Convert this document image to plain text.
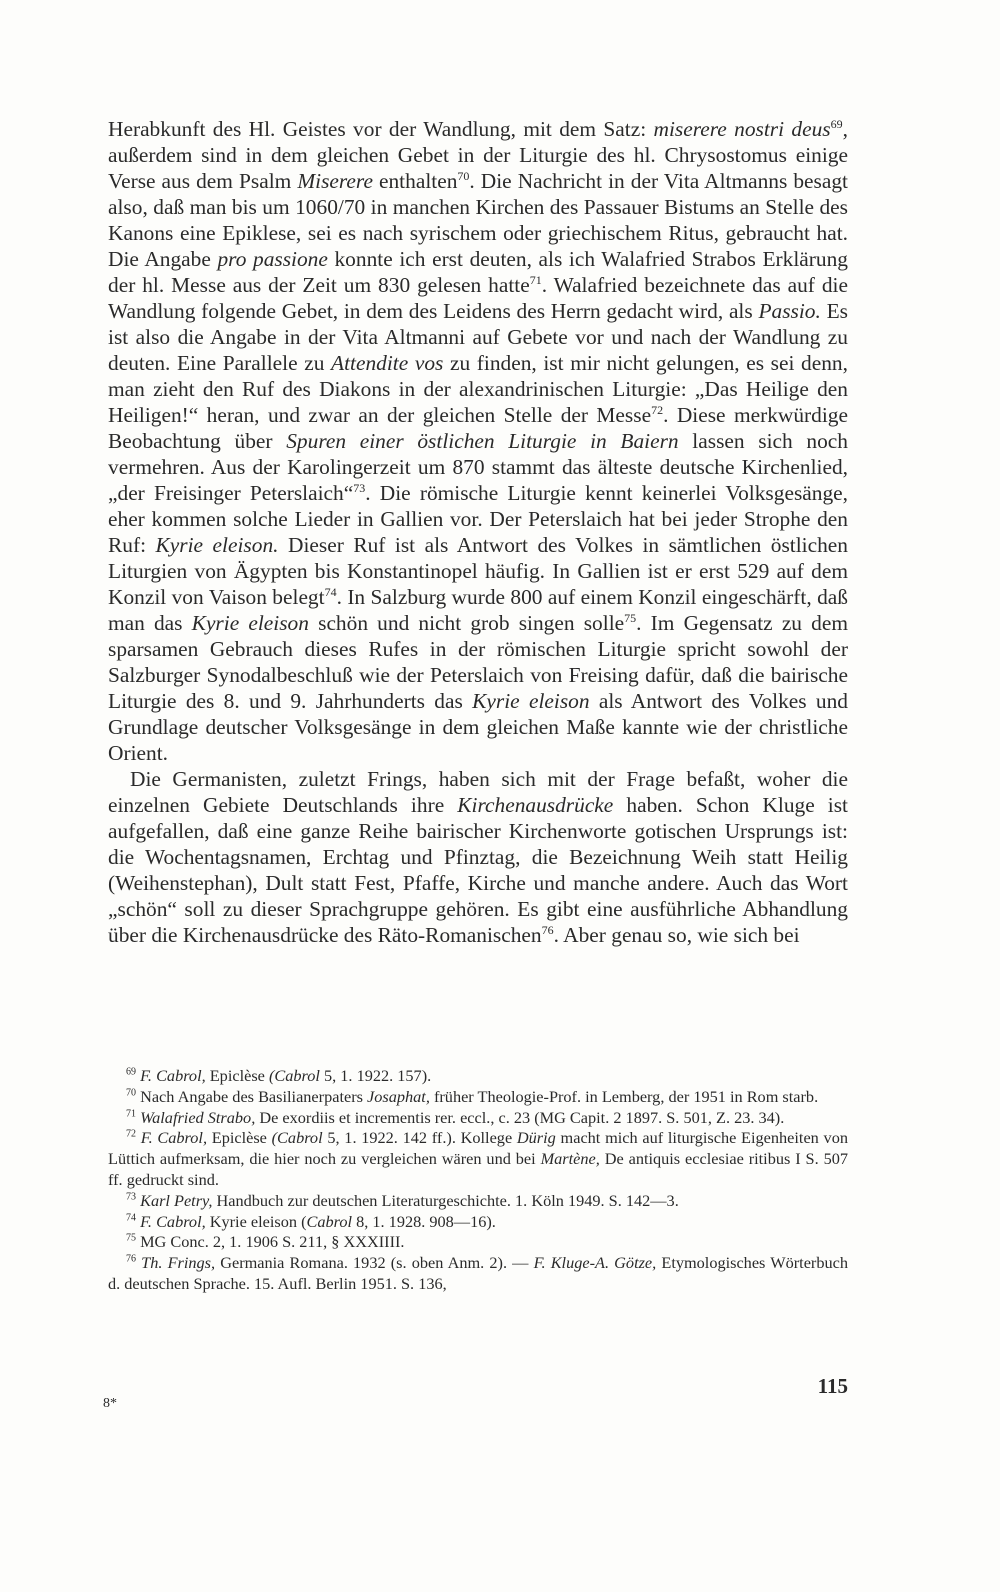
Herabkunft des Hl. Geistes vor der Wandlung, mit dem Satz: miserere nostri deus$^{69}$, außerdem sind in dem gleichen Gebet in der Liturgie des hl. Chrysostomus einige Verse aus dem Psalm Miserere enthalten$^{70}$. Die Nachricht in der Vita Altmanns besagt also, daß man bis um 1060/70 in manchen Kirchen des Passauer Bistums an Stelle des Kanons eine Epiklese, sei es nach syrischem oder griechischem Ritus, gebraucht hat. Die Angabe pro passione konnte ich erst deuten, als ich Walafried Strabos Erklärung der hl. Messe aus der Zeit um 830 gelesen hatte$^{71}$. Walafried bezeichnete das auf die Wandlung folgende Gebet, in dem des Leidens des Herrn gedacht wird, als Passio. Es ist also die Angabe in der Vita Altmanni auf Gebete vor und nach der Wandlung zu deuten. Eine Parallele zu Attendite vos zu finden, ist mir nicht gelungen, es sei denn, man zieht den Ruf des Diakons in der alexandrinischen Liturgie: „Das Heilige den Heiligen!“ heran, und zwar an der gleichen Stelle der Messe$^{72}$. Diese merkwürdige Beobachtung über Spuren einer östlichen Liturgie in Baiern lassen sich noch vermehren. Aus der Karolingerzeit um 870 stammt das älteste deutsche Kirchenlied, „der Freisinger Peterslaich“$^{73}$. Die römische Liturgie kennt keinerlei Volksgesänge, eher kommen solche Lieder in Gallien vor. Der Peterslaich hat bei jeder Strophe den Ruf: Kyrie eleison. Dieser Ruf ist als Antwort des Volkes in sämtlichen östlichen Liturgien von Ägypten bis Konstantinopel häufig. In Gallien ist er erst 529 auf dem Konzil von Vaison belegt$^{74}$. In Salzburg wurde 800 auf einem Konzil eingeschärft, daß man das Kyrie eleison schön und nicht grob singen solle$^{75}$. Im Gegensatz zu dem sparsamen Gebrauch dieses Rufes in der römischen Liturgie spricht sowohl der Salzburger Synodalbeschluß wie der Peterslaich von Freising dafür, daß die bairische Liturgie des 8. und 9. Jahrhunderts das Kyrie eleison als Antwort des Volkes und Grundlage deutscher Volksgesänge in dem gleichen Maße kannte wie der christliche Orient.

Die Germanisten, zuletzt Frings, haben sich mit der Frage befaßt, woher die einzelnen Gebiete Deutschlands ihre Kirchenausdrücke haben. Schon Kluge ist aufgefallen, daß eine ganze Reihe bairischer Kirchenworte gotischen Ursprungs ist: die Wochentagsnamen, Erchtag und Pfinztag, die Bezeichnung Weih statt Heilig (Weihenstephan), Dult statt Fest, Pfaffe, Kirche und manche andere. Auch das Wort „schön“ soll zu dieser Sprachgruppe gehören. Es gibt eine ausführliche Abhandlung über die Kirchenausdrücke des Räto-Romanischen$^{76}$. Aber genau so, wie sich bei

$^{69}$ F. Cabrol, Epiclèse (Cabrol 5, 1. 1922. 157).

$^{70}$ Nach Angabe des Basilianerpaters Josaphat, früher Theologie-Prof. in Lemberg, der 1951 in Rom starb.

$^{71}$ Walafried Strabo, De exordiis et incrementis rer. eccl., c. 23 (MG Capit. 2 1897. S. 501, Z. 23. 34).

$^{72}$ F. Cabrol, Epiclèse (Cabrol 5, 1. 1922. 142 ff.). Kollege Dürig macht mich auf liturgische Eigenheiten von Lüttich aufmerksam, die hier noch zu vergleichen wären und bei Martène, De antiquis ecclesiae ritibus I S. 507 ff. gedruckt sind.

$^{73}$ Karl Petry, Handbuch zur deutschen Literaturgeschichte. 1. Köln 1949. S. 142—3.

$^{74}$ F. Cabrol, Kyrie eleison (Cabrol 8, 1. 1928. 908—16).

$^{75}$ MG Conc. 2, 1. 1906 S. 211, § XXXIIII.

$^{76}$ Th. Frings, Germania Romana. 1932 (s. oben Anm. 2). — F. Kluge-A. Götze, Etymologisches Wörterbuch d. deutschen Sprache. 15. Aufl. Berlin 1951. S. 136,

115
8*
